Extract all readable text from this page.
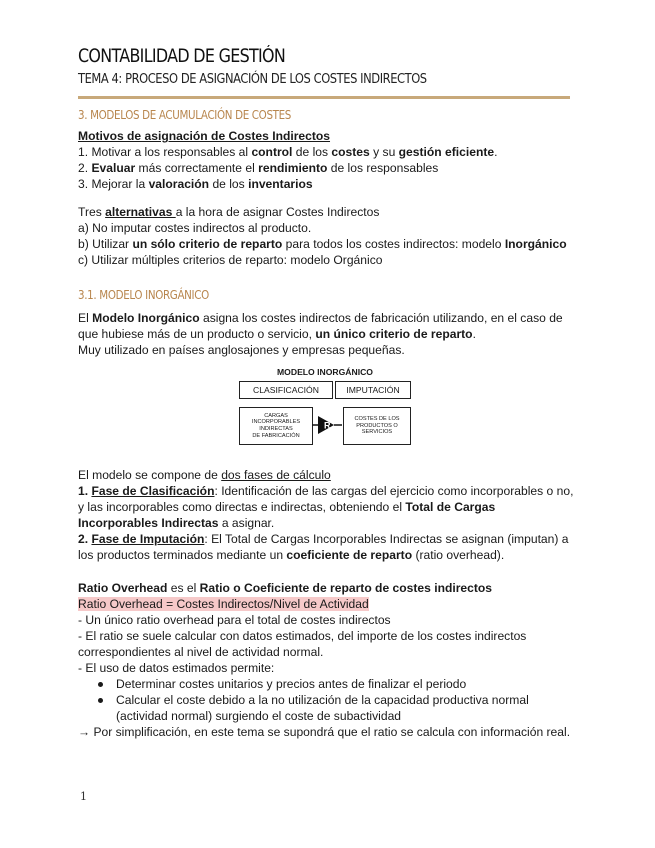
CONTABILIDAD DE GESTIÓN
TEMA 4: PROCESO DE ASIGNACIÓN DE LOS COSTES INDIRECTOS
3. MODELOS DE ACUMULACIÓN DE COSTES
Motivos de asignación de Costes Indirectos
1. Motivar a los responsables al control de los costes y su gestión eficiente.
2. Evaluar más correctamente el rendimiento de los responsables
3. Mejorar la valoración de los inventarios
Tres alternativas a la hora de asignar Costes Indirectos
a) No imputar costes indirectos al producto.
b) Utilizar un sólo criterio de reparto para todos los costes indirectos: modelo Inorgánico
c) Utilizar múltiples criterios de reparto: modelo Orgánico
3.1. MODELO INORGÁNICO
El Modelo Inorgánico asigna los costes indirectos de fabricación utilizando, en el caso de
que hubiese más de un producto o servicio, un único criterio de reparto.
Muy utilizado en países anglosajones y empresas pequeñas.
MODELO INORGÁNICO
CLASIFICACIÓN	IMPUTACIÓN
CARGAS
INCORPORABLES
INDIRECTAS
DE FABRICACIÓN
R
COSTES DE LOS
PRODUCTOS O
SERVICIOS
El modelo se compone de dos fases de cálculo
1. Fase de Clasificación: Identificación de las cargas del ejercicio como incorporables o no,
y las incorporables como directas e indirectas, obteniendo el Total de Cargas
Incorporables Indirectas a asignar.
2. Fase de Imputación: El Total de Cargas Incorporables Indirectas se asignan (imputan) a
los productos terminados mediante un coeficiente de reparto (ratio overhead).
Ratio Overhead es el Ratio o Coeficiente de reparto de costes indirectos
Ratio Overhead = Costes Indirectos/Nivel de Actividad
- Un único ratio overhead para el total de costes indirectos
- El ratio se suele calcular con datos estimados, del importe de los costes indirectos
correspondientes al nivel de actividad normal.
- El uso de datos estimados permite:
Determinar costes unitarios y precios antes de finalizar el periodo
Calcular el coste debido a la no utilización de la capacidad productiva normal
(actividad normal) surgiendo el coste de subactividad
→ Por simplificación, en este tema se supondrá que el ratio se calcula con información real.
1
